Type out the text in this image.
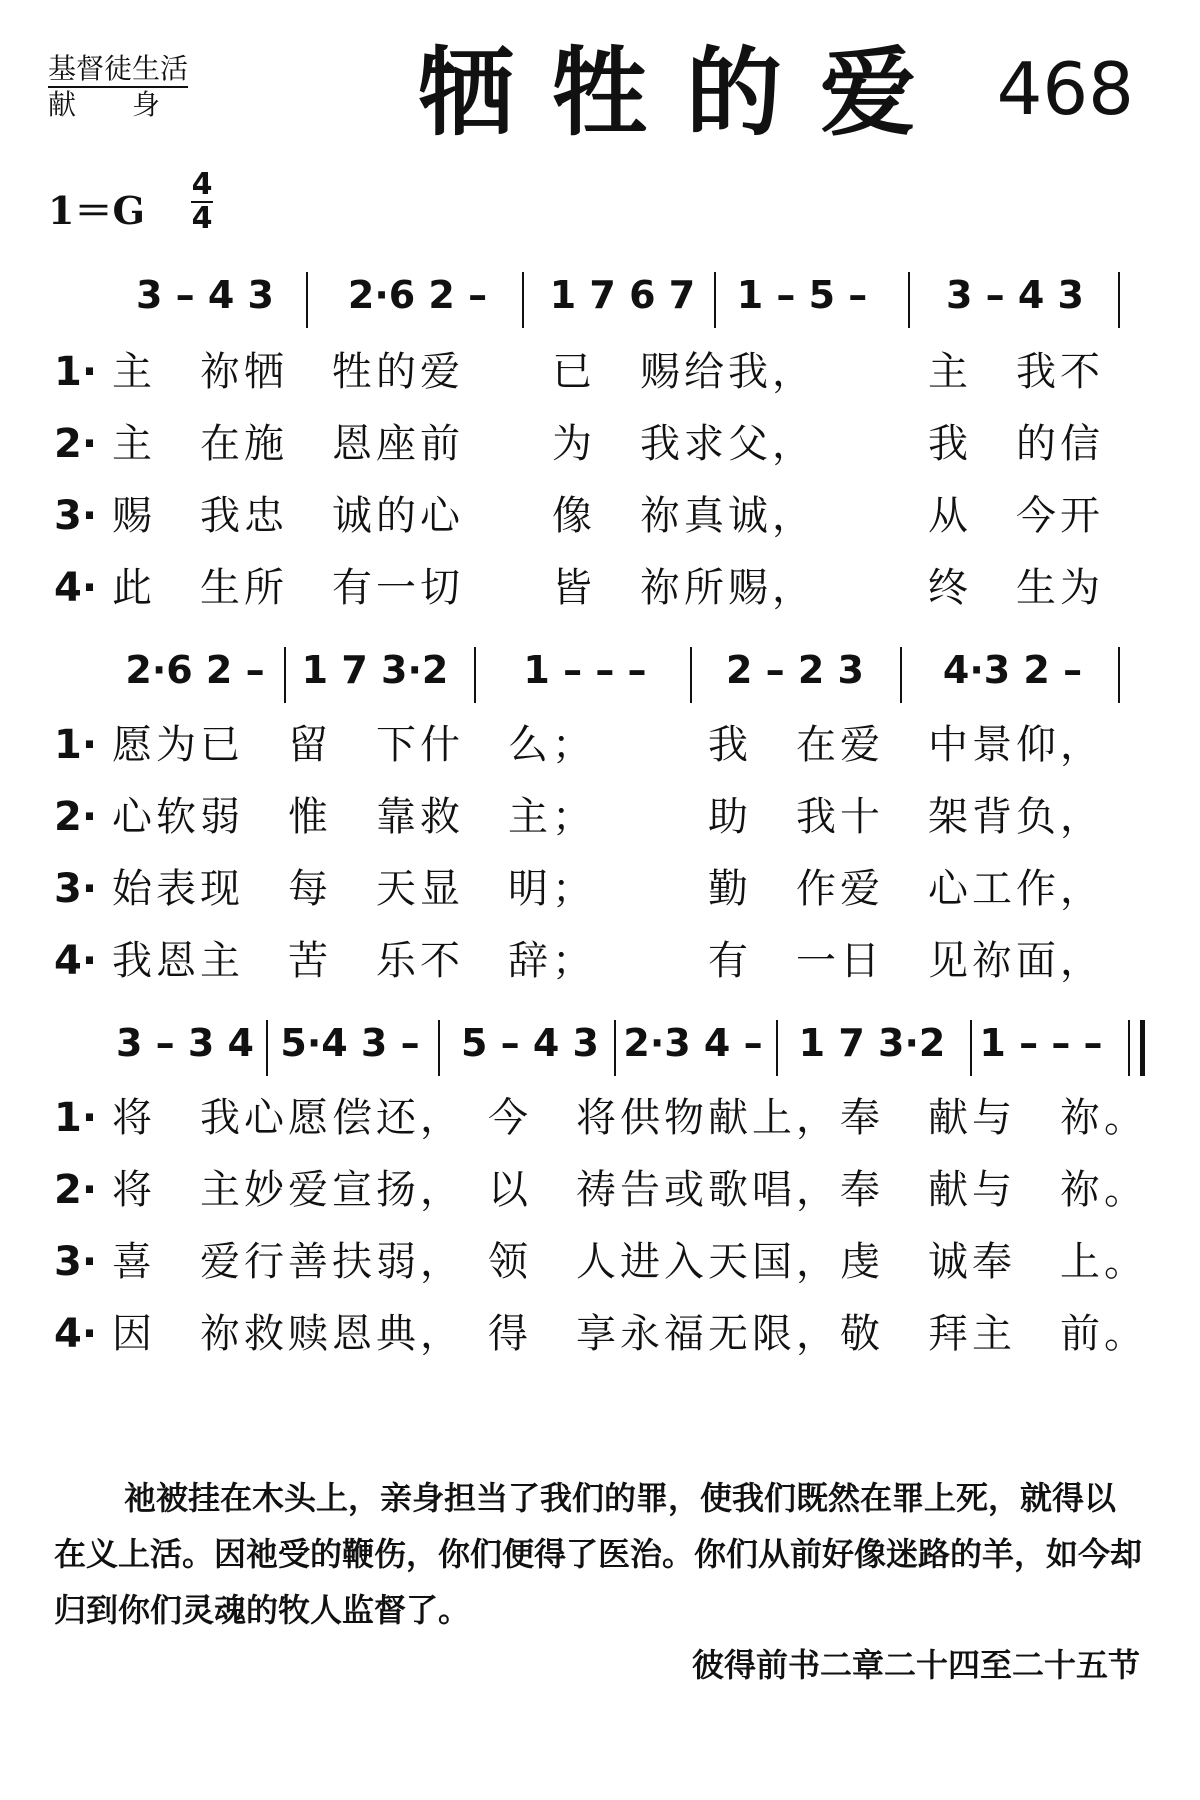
基督徒生活
献　　身	牺牲的爱 468
1＝G
4
4
3 – 4 3	2·6 2 –	1 7 6 7	1 – 5 –	3 – 4 3
1· 主　祢牺　牲的爱　　已　赐给我，　　　主　我不
2· 主　在施　恩座前　　为　我求父，　　　我　的信
3· 赐　我忠　诚的心　　像　祢真诚，　　　从　今开
4· 此　生所　有一切　　皆　祢所赐，　　　终　生为
2·6 2 – 1 7 3·2	1 – – –	2 – 2 3	4·3 2 –
1· 愿为已　留　下什　么；　　　我　在爱　中景仰，
2· 心软弱　惟　靠救　主；　　　助　我十　架背负，
3· 始表现　每　天显　明；　　　勤　作爱　心工作，
4· 我恩主　苦　乐不　辞；　　　有　一日　见祢面，
3 – 3 4 5·4 3 – 5 – 4 3 2·3 4 – 1 7 3·2 1 – – –
1· 将　我心愿偿还，　今　将供物献上，奉　献与　祢。
2· 将　主妙爱宣扬，　以　祷告或歌唱，奉　献与　祢。
3· 喜　爱行善扶弱，　领　人进入天国，虔　诚奉　上。
4· 因　祢救赎恩典，　得　享永福无限，敬　拜主　前。
祂被挂在木头上，亲身担当了我们的罪，使我们既然在罪上死，就得以在义上活。因祂受的鞭伤，你们便得了医治。你们从前好像迷路的羊，如今却归到你们灵魂的牧人监督了。
彼得前书二章二十四至二十五节
